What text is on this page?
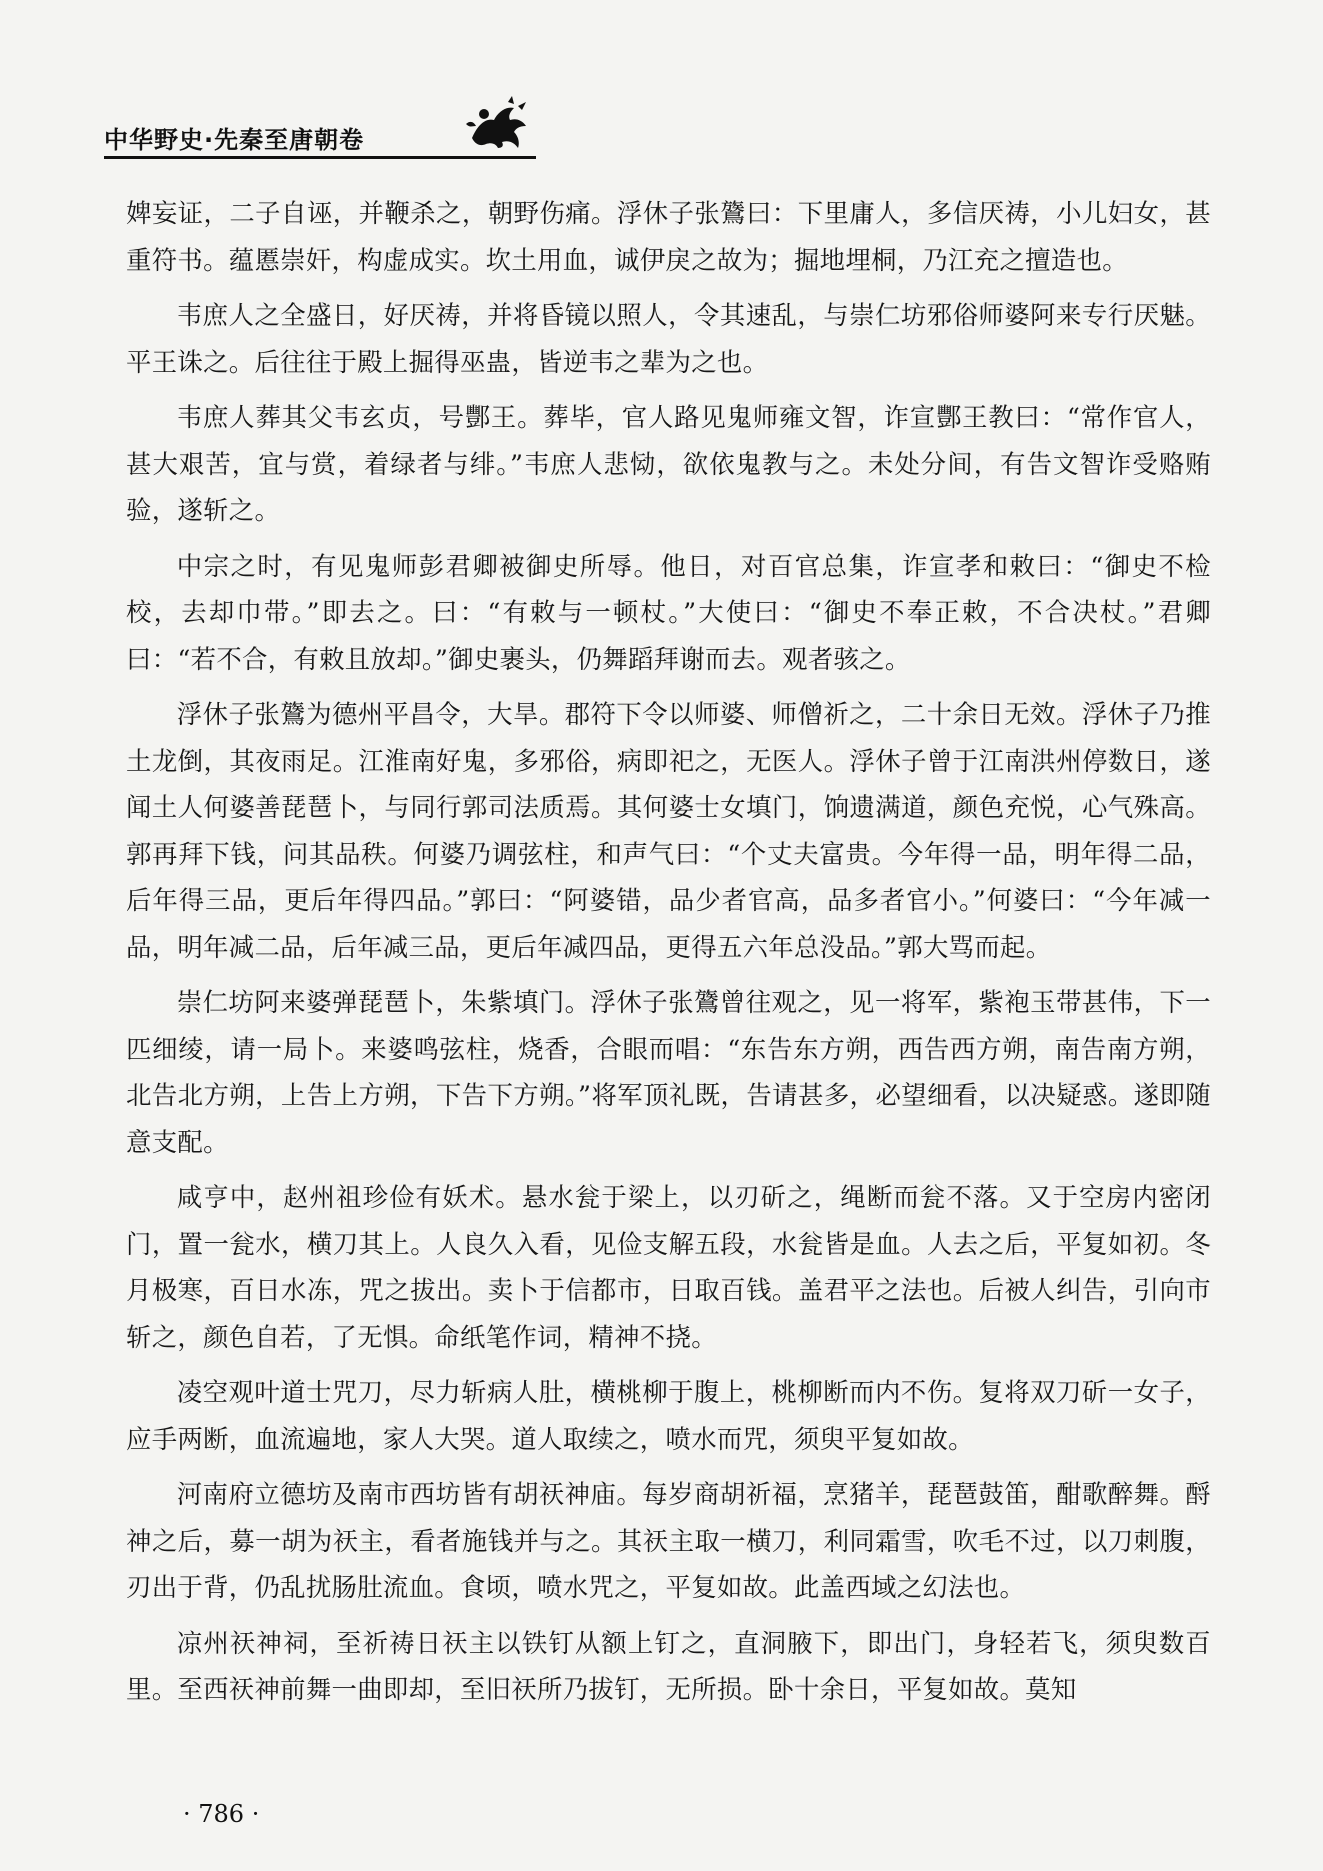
中华野史·先秦至唐朝卷

婢妄证，二子自诬，并鞭杀之，朝野伤痛。浮休子张鷟曰：下里庸人，多信厌祷，小儿妇女，甚重符书。蕴慝崇奸，构虚成实。坎土用血，诚伊戾之故为；掘地埋桐，乃江充之擅造也。

韦庶人之全盛日，好厌祷，并将昏镜以照人，令其速乱，与崇仁坊邪俗师婆阿来专行厌魅。平王诛之。后往往于殿上掘得巫蛊，皆逆韦之辈为之也。

韦庶人葬其父韦玄贞，号酆王。葬毕，官人路见鬼师雍文智，诈宣酆王教曰：“常作官人，甚大艰苦，宜与赏，着绿者与绯。”韦庶人悲恸，欲依鬼教与之。未处分间，有告文智诈受赂贿验，遂斩之。

中宗之时，有见鬼师彭君卿被御史所辱。他日，对百官总集，诈宣孝和敕曰：“御史不检校，去却巾带。”即去之。曰：“有敕与一顿杖。”大使曰：“御史不奉正敕，不合决杖。”君卿曰：“若不合，有敕且放却。”御史裹头，仍舞蹈拜谢而去。观者骇之。

浮休子张鷟为德州平昌令，大旱。郡符下令以师婆、师僧祈之，二十余日无效。浮休子乃推土龙倒，其夜雨足。江淮南好鬼，多邪俗，病即祀之，无医人。浮休子曾于江南洪州停数日，遂闻土人何婆善琵琶卜，与同行郭司法质焉。其何婆士女填门，饷遗满道，颜色充悦，心气殊高。郭再拜下钱，问其品秩。何婆乃调弦柱，和声气曰：“个丈夫富贵。今年得一品，明年得二品，后年得三品，更后年得四品。”郭曰：“阿婆错，品少者官高，品多者官小。”何婆曰：“今年减一品，明年减二品，后年减三品，更后年减四品，更得五六年总没品。”郭大骂而起。

崇仁坊阿来婆弹琵琶卜，朱紫填门。浮休子张鷟曾往观之，见一将军，紫袍玉带甚伟，下一匹细绫，请一局卜。来婆鸣弦柱，烧香，合眼而唱：“东告东方朔，西告西方朔，南告南方朔，北告北方朔，上告上方朔，下告下方朔。”将军顶礼既，告请甚多，必望细看，以决疑惑。遂即随意支配。

咸亨中，赵州祖珍俭有妖术。悬水瓮于梁上，以刃斫之，绳断而瓮不落。又于空房内密闭门，置一瓮水，横刀其上。人良久入看，见俭支解五段，水瓮皆是血。人去之后，平复如初。冬月极寒，百日水冻，咒之拔出。卖卜于信都市，日取百钱。盖君平之法也。后被人纠告，引向市斩之，颜色自若，了无惧。命纸笔作词，精神不挠。

凌空观叶道士咒刀，尽力斩病人肚，横桃柳于腹上，桃柳断而内不伤。复将双刀斫一女子，应手两断，血流遍地，家人大哭。道人取续之，喷水而咒，须臾平复如故。

河南府立德坊及南市西坊皆有胡祆神庙。每岁商胡祈福，烹猪羊，琵琶鼓笛，酣歌醉舞。酹神之后，募一胡为祆主，看者施钱并与之。其祆主取一横刀，利同霜雪，吹毛不过，以刀刺腹，刃出于背，仍乱扰肠肚流血。食顷，喷水咒之，平复如故。此盖西域之幻法也。

凉州祆神祠，至祈祷日祆主以铁钉从额上钉之，直洞腋下，即出门，身轻若飞，须臾数百里。至西祆神前舞一曲即却，至旧祆所乃拔钉，无所损。卧十余日，平复如故。莫知

· 786 ·
